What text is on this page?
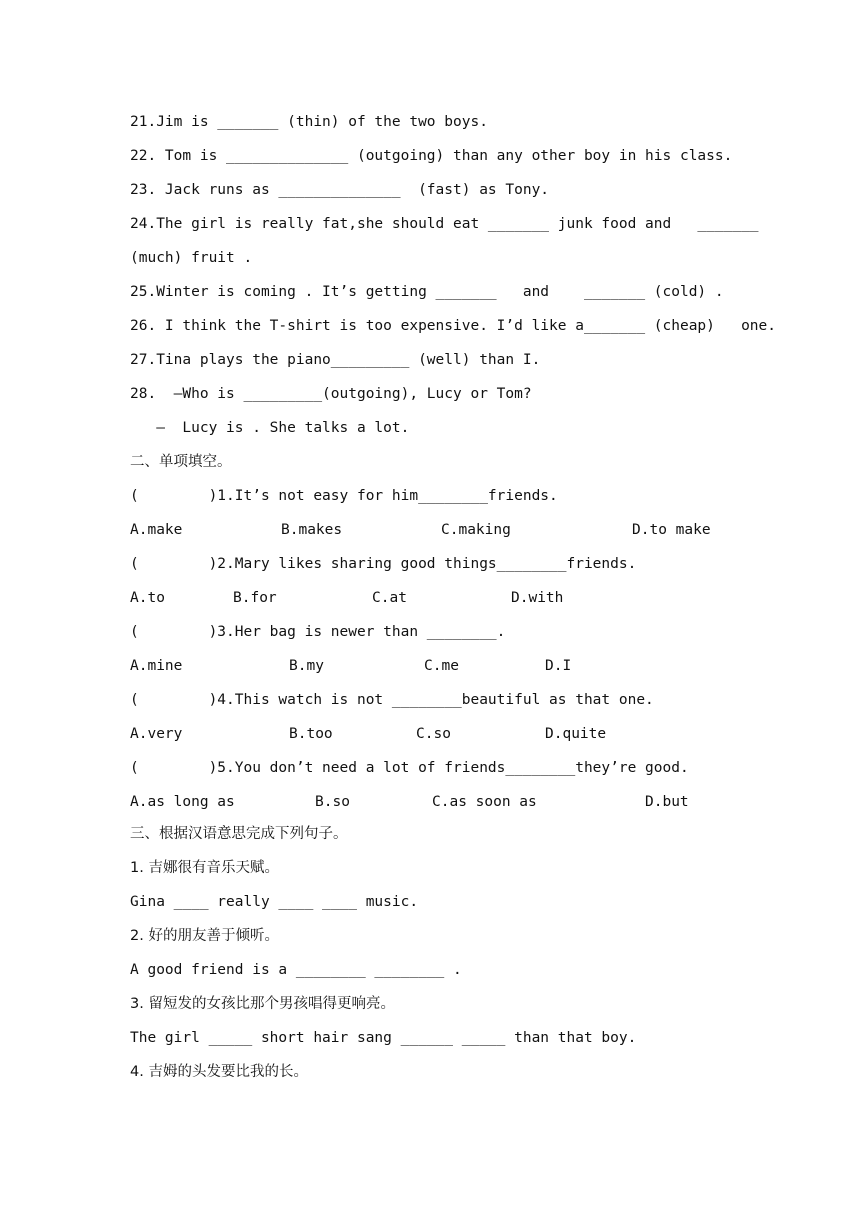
21.Jim is _______ (thin) of the two boys.
22. Tom is ______________ (outgoing) than any other boy in his class.
23. Jack runs as ______________  (fast) as Tony.
24.The girl is really fat,she should eat _______ junk food and   _______
(much) fruit .
25.Winter is coming . It’s getting _______   and    _______ (cold) .
26. I think the T-shirt is too expensive. I’d like a_______ (cheap)   one.
27.Tina plays the piano_________ (well) than I.
28.  —Who is _________(outgoing), Lucy or Tom?
—  Lucy is . She talks a lot.
二、单项填空。
(        )1.It’s not easy for him________friends.
A.make	B.makes	C.making	D.to make
(        )2.Mary likes sharing good things________friends.
A.to	B.for	C.at	D.with
(        )3.Her bag is newer than ________.
A.mine	B.my	C.me	D.I
(        )4.This watch is not ________beautiful as that one.
A.very	B.too	C.so	D.quite
(        )5.You don’t need a lot of friends________they’re good.
A.as long as	B.so	C.as soon as	D.but
三、根据汉语意思完成下列句子。
1. 吉娜很有音乐天赋。
Gina ____ really ____ ____ music.
2. 好的朋友善于倾听。
A good friend is a ________ ________ .
3. 留短发的女孩比那个男孩唱得更响亮。
The girl _____ short hair sang ______ _____ than that boy.
4. 吉姆的头发要比我的长。
